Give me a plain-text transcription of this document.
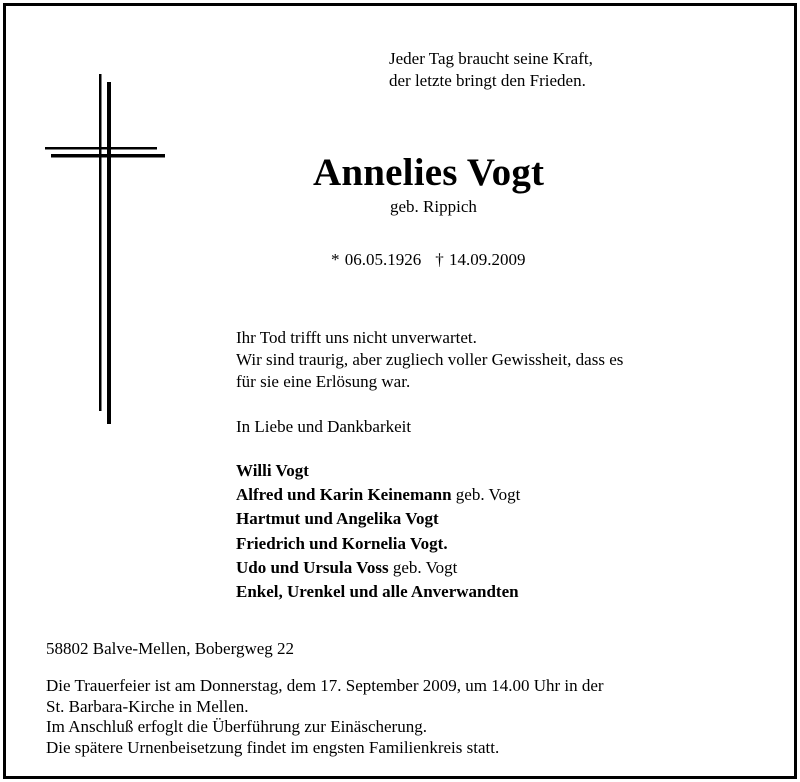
Jeder Tag braucht seine Kraft,
der letzte bringt den Frieden.
Annelies Vogt
geb. Rippich
* 06.05.1926 † 14.09.2009
Ihr Tod trifft uns nicht unverwartet.
Wir sind traurig, aber zugliech voller Gewissheit, dass es
für sie eine Erlösung war.
In Liebe und Dankbarkeit
Willi Vogt
Alfred und Karin Keinemann geb. Vogt
Hartmut und Angelika Vogt
Friedrich und Kornelia Vogt.
Udo und Ursula Voss geb. Vogt
Enkel, Urenkel und alle Anverwandten
58802 Balve-Mellen, Bobergweg 22
Die Trauerfeier ist am Donnerstag, dem 17. September 2009, um 14.00 Uhr in der
St. Barbara-Kirche in Mellen.
Im Anschluß erfoglt die Überführung zur Einäscherung.
Die spätere Urnenbeisetzung findet im engsten Familienkreis statt.
